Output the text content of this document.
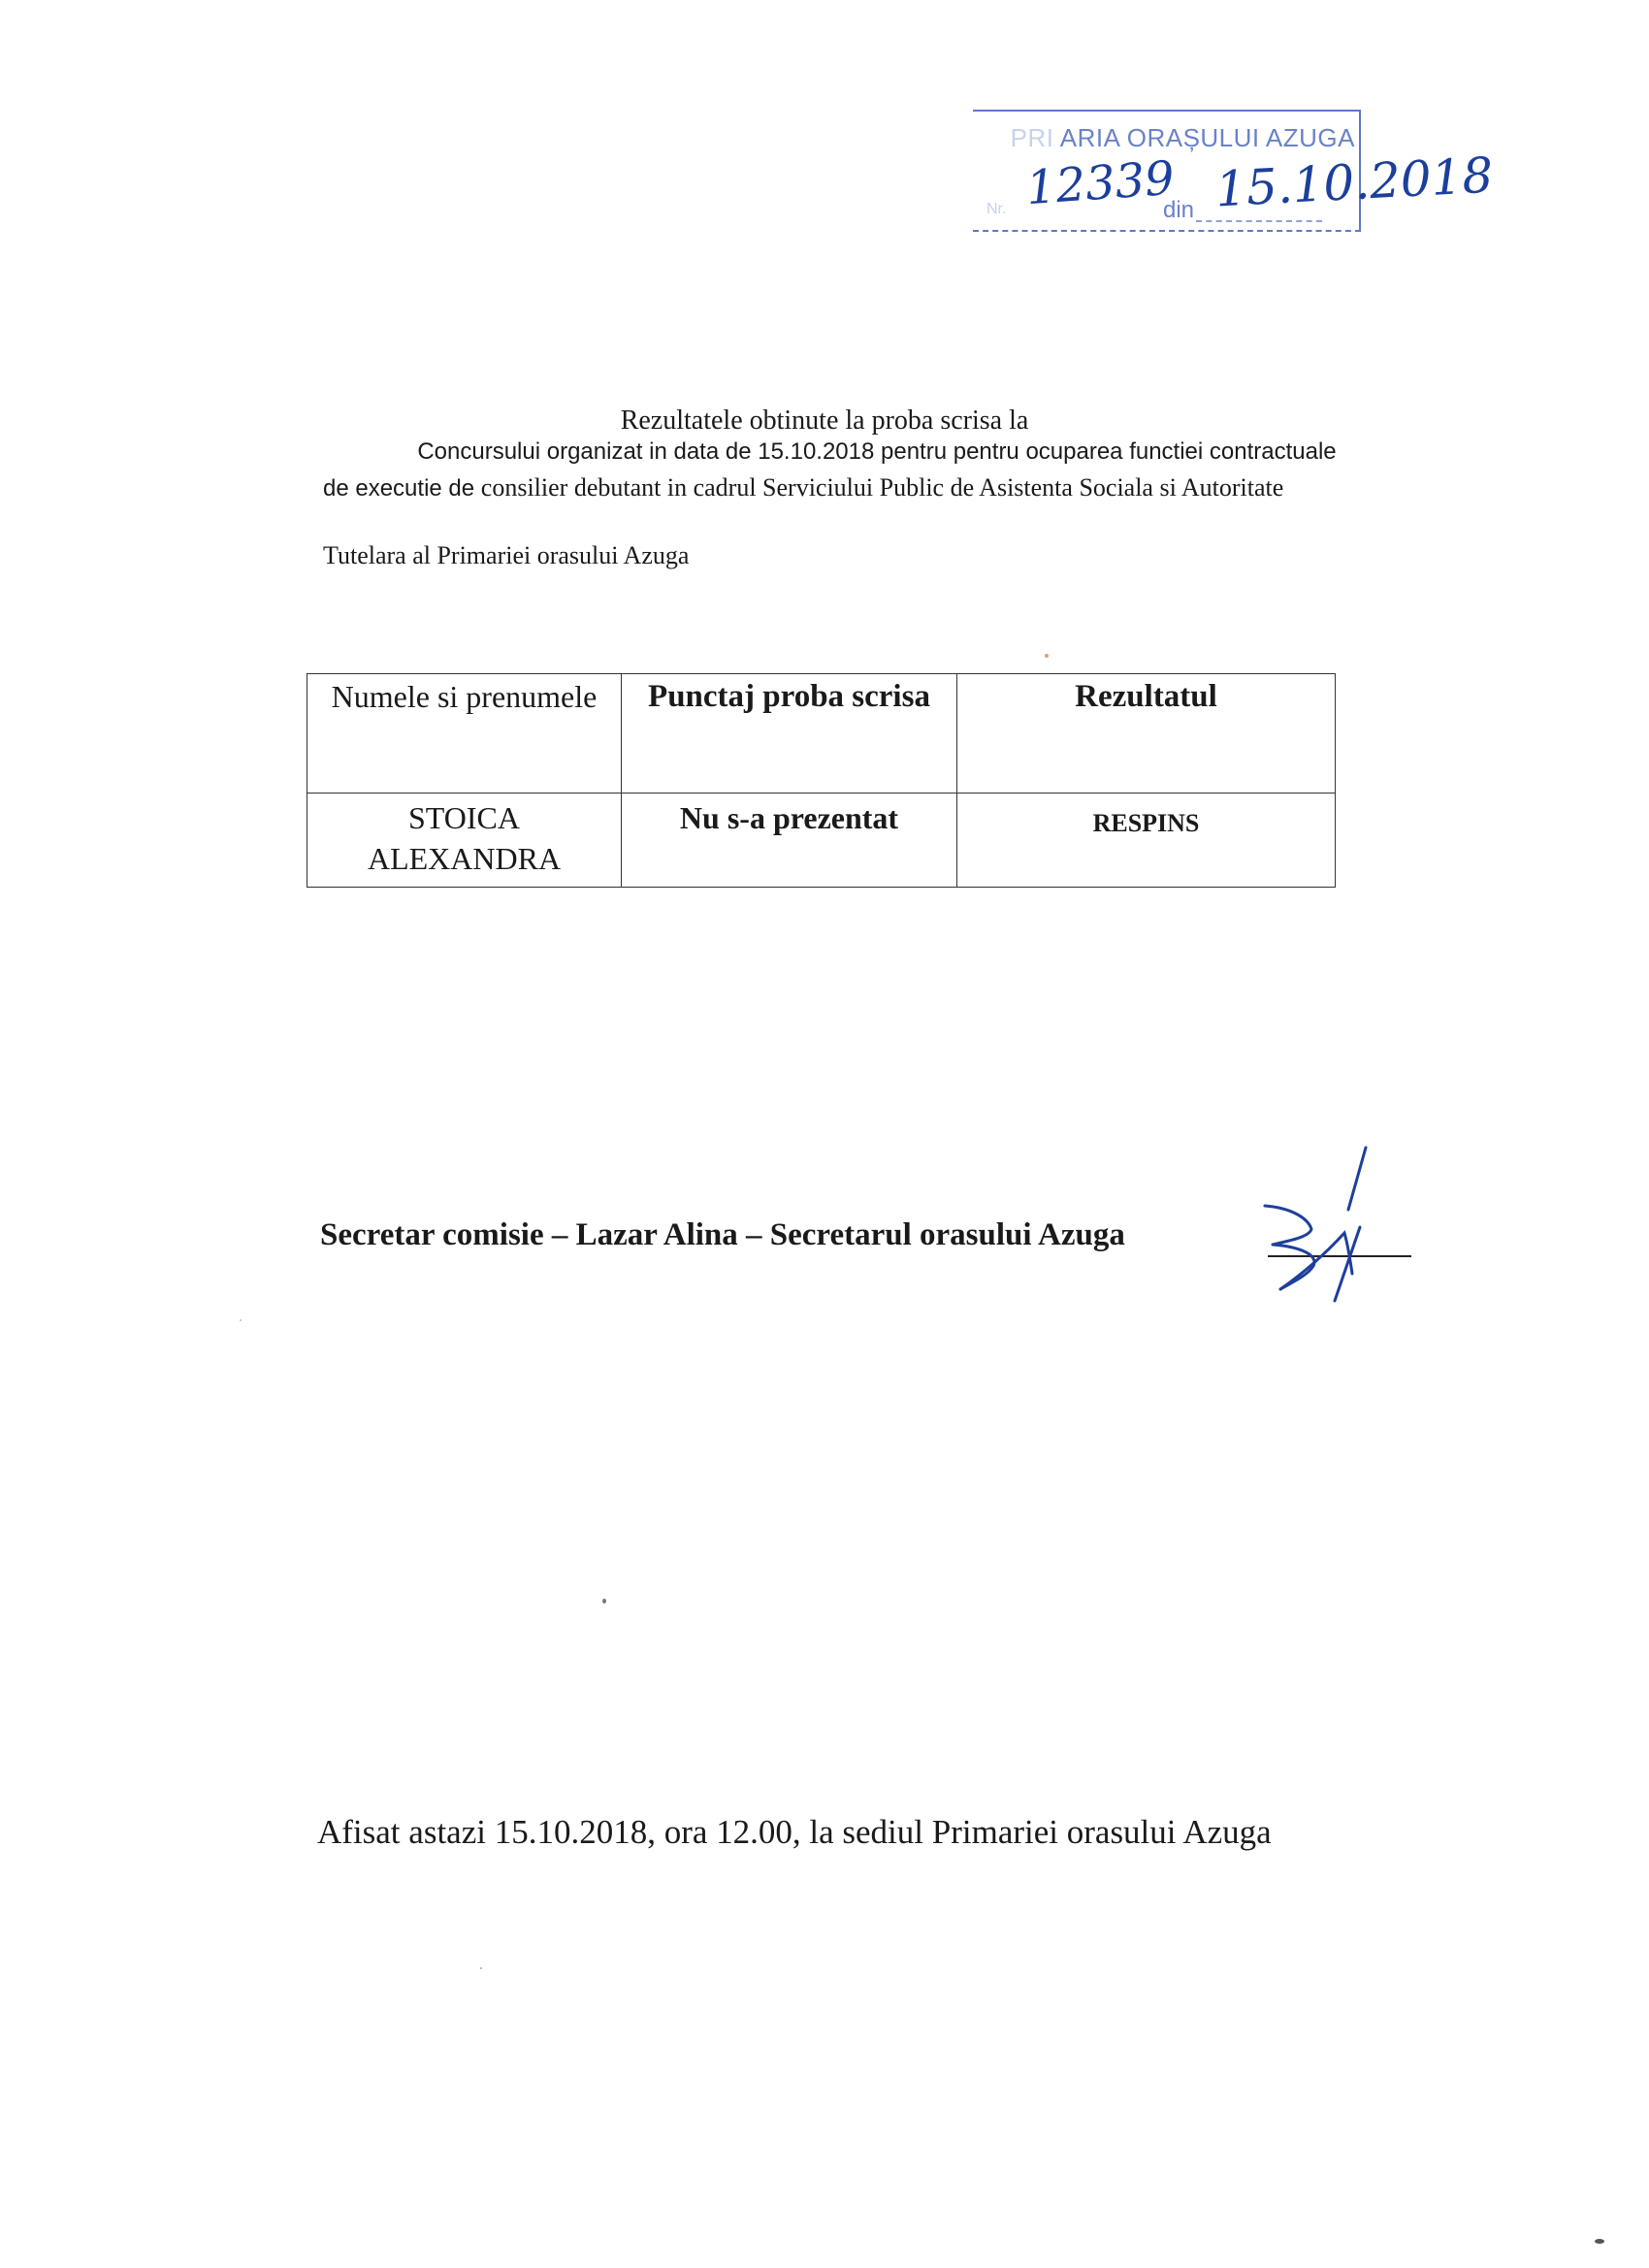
PRI ARIA ORAȘULUI AZUGA
Nr. 12339
din 15.10.2018
Rezultatele obtinute la proba scrisa la
Concursului organizat in data de 15.10.2018 pentru pentru ocuparea functiei contractuale
de executie de consilier debutant in cadrul Serviciului Public de Asistenta Sociala si Autoritate
Tutelara al Primariei orasului Azuga
Numele si prenumele	Punctaj proba scrisa	Rezultatul
STOICA ALEXANDRA	Nu s-a prezentat	RESPINS
Secretar comisie – Lazar Alina – Secretarul orasului Azuga
Afisat astazi 15.10.2018, ora 12.00, la sediul Primariei orasului Azuga
